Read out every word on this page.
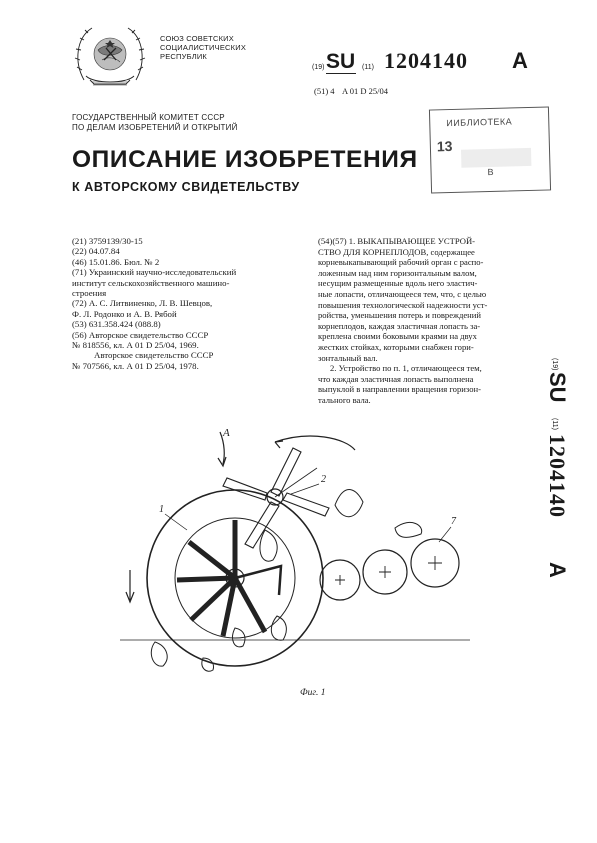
СОЮЗ СОВЕТСКИХ
СОЦИАЛИСТИЧЕСКИХ
РЕСПУБЛИК
(19) SU (11) 1204140 A
(51) 4 A 01 D 25/04
ГОСУДАРСТВЕННЫЙ КОМИТЕТ СССР
ПО ДЕЛАМ ИЗОБРЕТЕНИЙ И ОТКРЫТИЙ	ИИБЛИОТЕКА
13
В
ОПИСАНИЕ ИЗОБРЕТЕНИЯ
К АВТОРСКОМУ СВИДЕТЕЛЬСТВУ
(21) 3759139/30-15
(22) 04.07.84
(46) 15.01.86. Бюл. № 2
(71) Украинский научно-исследовательский
институт сельскохозяйственного машино-
строения
(72) А. С. Литвиненко, Л. В. Шевцов,
Ф. Л. Родонко и А. В. Рябой
(53) 631.358.424 (088.8)
(56) Авторское свидетельство СССР
№ 818556, кл. А 01 D 25/04, 1969.
Авторское свидетельство СССР
№ 707566, кл. А 01 D 25/04, 1978.
(54)(57) 1. ВЫКАПЫВАЮЩЕЕ УСТРОЙ-
СТВО ДЛЯ КОРНЕПЛОДОВ, содержащее
корневыкапывающий рабочий орган с распо-
ложенным над ним горизонтальным валом,
несущим размещенные вдоль него эластич-
ные лопасти, отличающееся тем, что, с целью
повышения технологической надежности уст-
ройства, уменьшения потерь и повреждений
корнеплодов, каждая эластичная лопасть за-
креплена своими боковыми краями на двух
жестких стойках, которыми снабжен гори-
зонтальный вал.
2. Устройство по п. 1, отличающееся тем,
что каждая эластичная лопасть выполнена
выпуклой в направлении вращения горизон-
тального вала.
A
1
2
7
Фиг. 1
(19)
SU
(11)
1204140
A
